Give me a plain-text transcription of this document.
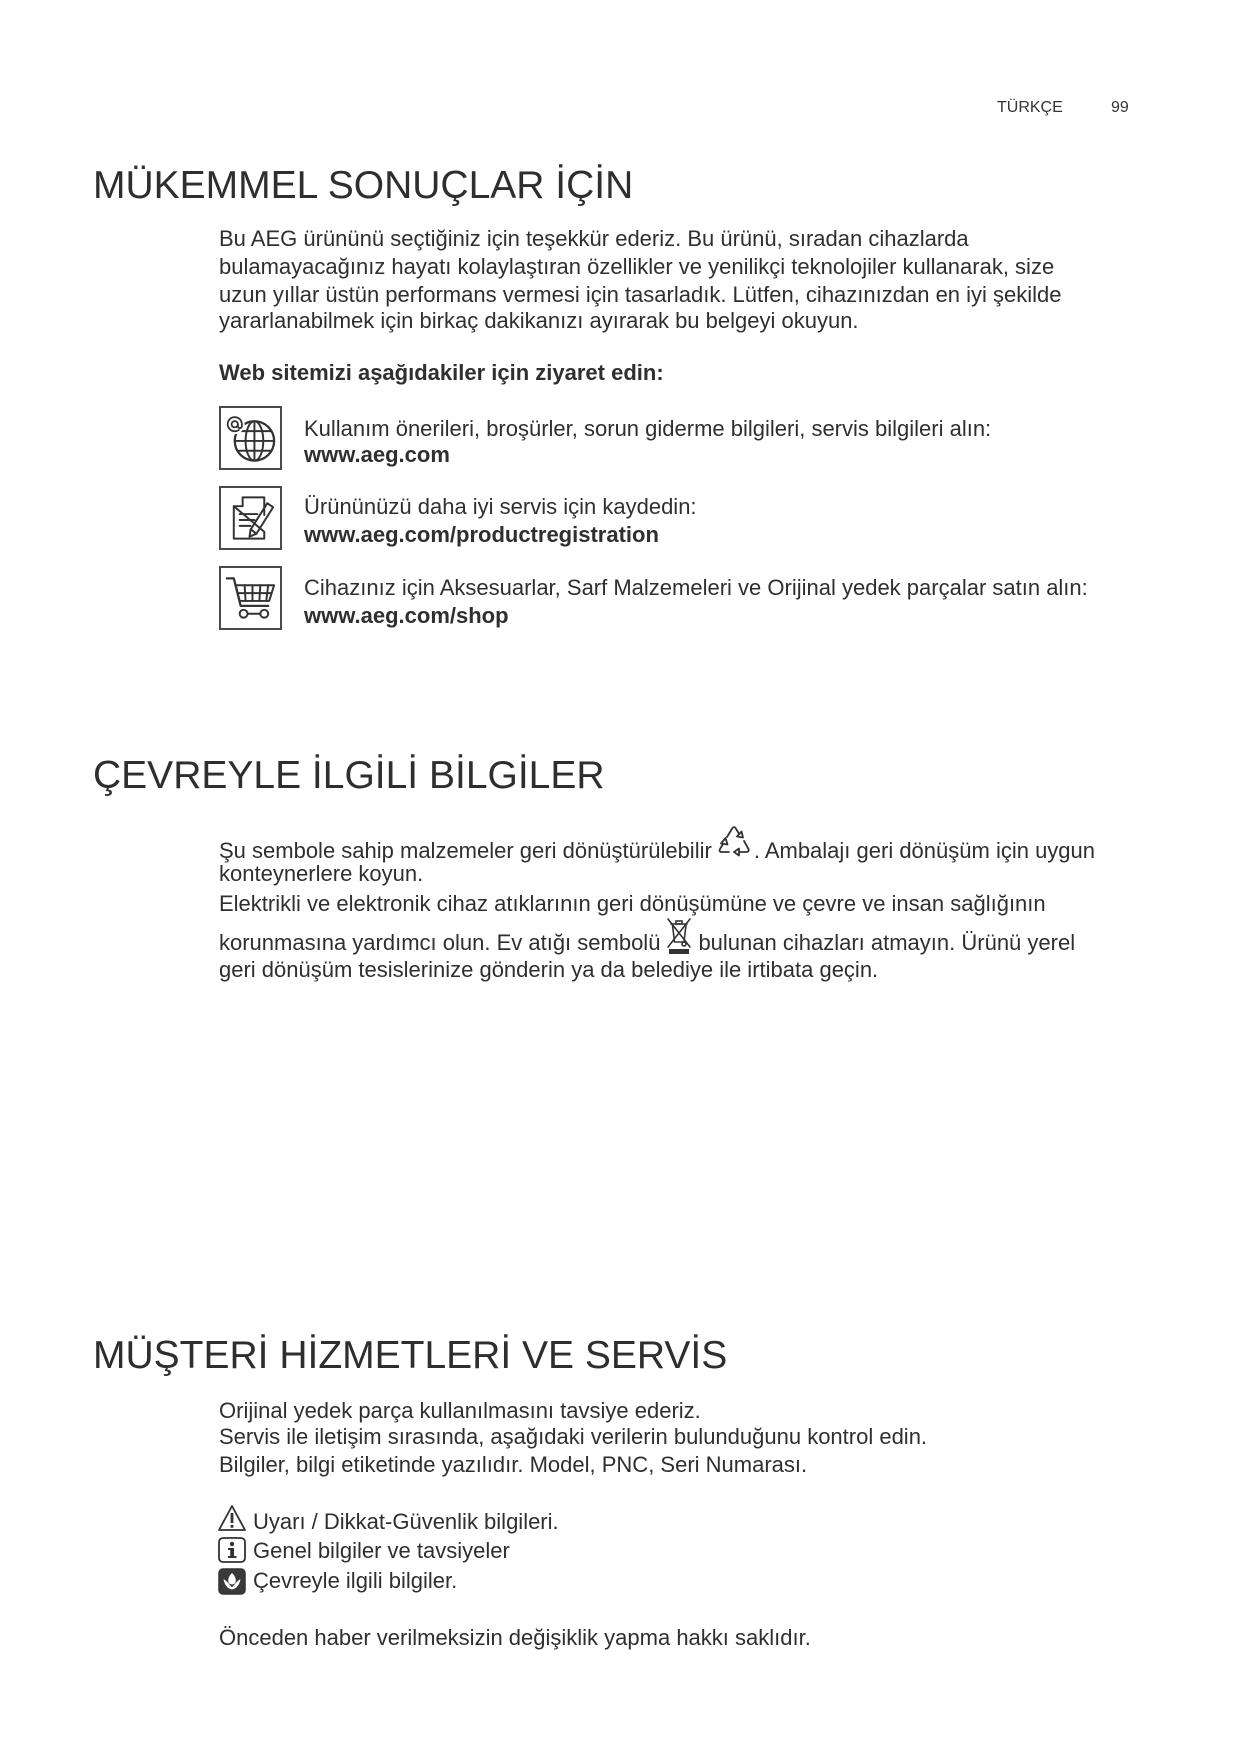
TÜRKÇE	99
MÜKEMMEL SONUÇLAR İÇİN
Bu AEG ürününü seçtiğiniz için teşekkür ederiz. Bu ürünü, sıradan cihazlarda
bulamayacağınız hayatı kolaylaştıran özellikler ve yenilikçi teknolojiler kullanarak, size
uzun yıllar üstün performans vermesi için tasarladık. Lütfen, cihazınızdan en iyi şekilde
yararlanabilmek için birkaç dakikanızı ayırarak bu belgeyi okuyun.
Web sitemizi aşağıdakiler için ziyaret edin:
Kullanım önerileri, broşürler, sorun giderme bilgileri, servis bilgileri alın:
www.aeg.com
Ürününüzü daha iyi servis için kaydedin:
www.aeg.com/productregistration
Cihazınız için Aksesuarlar, Sarf Malzemeleri ve Orijinal yedek parçalar satın alın:
www.aeg.com/shop
ÇEVREYLE İLGİLİ BİLGİLER
Şu sembole sahip malzemeler geri dönüştürülebilir . Ambalajı geri dönüşüm için uygun
konteynerlere koyun.
Elektrikli ve elektronik cihaz atıklarının geri dönüşümüne ve çevre ve insan sağlığının
korunmasına yardımcı olun. Ev atığı sembolü bulunan cihazları atmayın. Ürünü yerel
geri dönüşüm tesislerinize gönderin ya da belediye ile irtibata geçin.
MÜŞTERİ HİZMETLERİ VE SERVİS
Orijinal yedek parça kullanılmasını tavsiye ederiz.
Servis ile iletişim sırasında, aşağıdaki verilerin bulunduğunu kontrol edin.
Bilgiler, bilgi etiketinde yazılıdır. Model, PNC, Seri Numarası.
Uyarı / Dikkat-Güvenlik bilgileri.
Genel bilgiler ve tavsiyeler
Çevreyle ilgili bilgiler.
Önceden haber verilmeksizin değişiklik yapma hakkı saklıdır.
